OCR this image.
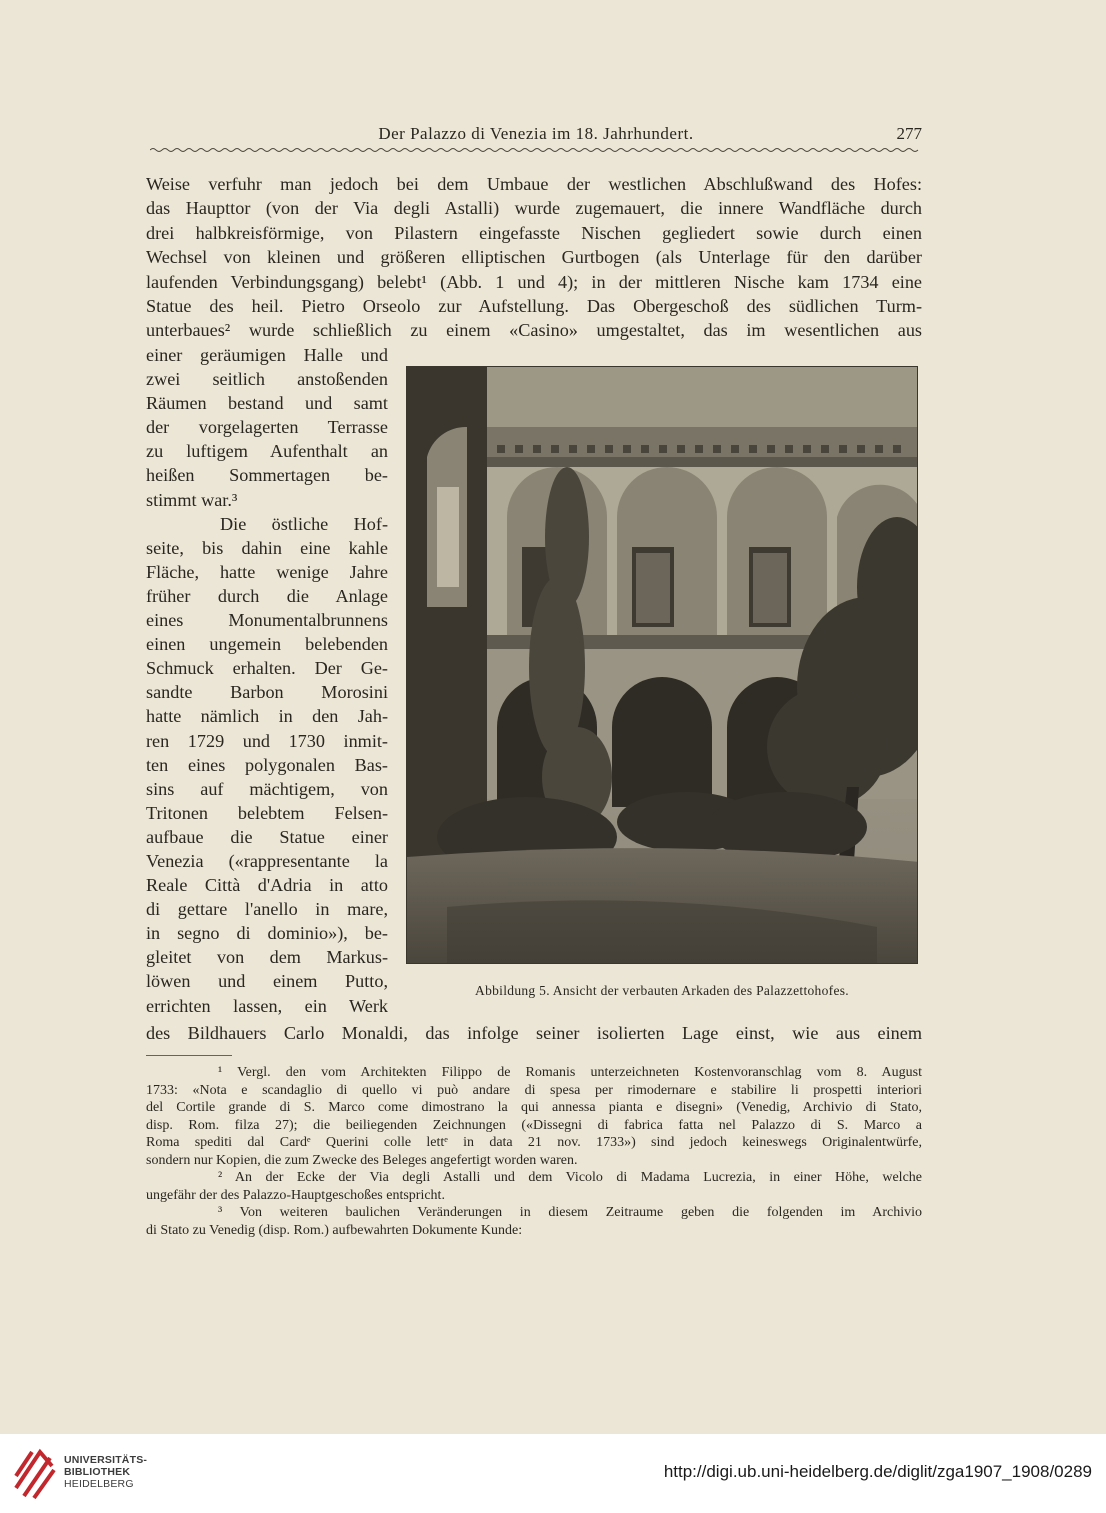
Der Palazzo di Venezia im 18. Jahrhundert.	277
Weise verfuhr man jedoch bei dem Umbaue der westlichen Abschlußwand des Hofes:
das Haupttor (von der Via degli Astalli) wurde zugemauert, die innere Wandfläche durch
drei halbkreisförmige, von Pilastern eingefasste Nischen gegliedert sowie durch einen
Wechsel von kleinen und größeren elliptischen Gurtbogen (als Unterlage für den darüber
laufenden Verbindungsgang) belebt¹ (Abb. 1 und 4); in der mittleren Nische kam 1734 eine
Statue des heil. Pietro Orseolo zur Aufstellung. Das Obergeschoß des südlichen Turm-
unterbaues² wurde schließlich zu einem «Casino» umgestaltet, das im wesentlichen aus
einer geräumigen Halle und
zwei seitlich anstoßenden
Räumen bestand und samt
der vorgelagerten Terrasse
zu luftigem Aufenthalt an
heißen Sommertagen be-
stimmt war.³
Die östliche Hof-
seite, bis dahin eine kahle
Fläche, hatte wenige Jahre
früher durch die Anlage
eines Monumentalbrunnens
einen ungemein belebenden
Schmuck erhalten. Der Ge-
sandte Barbon Morosini
hatte nämlich in den Jah-
ren 1729 und 1730 inmit-
ten eines polygonalen Bas-
sins auf mächtigem, von
Tritonen belebtem Felsen-
aufbaue die Statue einer
Venezia («rappresentante la
Reale Città d'Adria in atto
di gettare l'anello in mare,
in segno di dominio»), be-
gleitet von dem Markus-
löwen und einem Putto,
errichten lassen, ein Werk
des Bildhauers Carlo Monaldi, das infolge seiner isolierten Lage einst, wie aus einem
Abbildung 5. Ansicht der verbauten Arkaden des Palazzettohofes.
¹ Vergl. den vom Architekten Filippo de Romanis unterzeichneten Kostenvoranschlag vom 8. August
1733: «Nota e scandaglio di quello vi può andare di spesa per rimodernare e stabilire li prospetti interiori
del Cortile grande di S. Marco come dimostrano la qui annessa pianta e disegni» (Venedig, Archivio di Stato,
disp. Rom. filza 27); die beiliegenden Zeichnungen («Dissegni di fabrica fatta nel Palazzo di S. Marco a
Roma spediti dal Cardᵉ Querini colle lettᵉ in data 21 nov. 1733») sind jedoch keineswegs Originalentwürfe,
sondern nur Kopien, die zum Zwecke des Beleges angefertigt worden waren.
² An der Ecke der Via degli Astalli und dem Vicolo di Madama Lucrezia, in einer Höhe, welche
ungefähr der des Palazzo-Hauptgeschoßes entspricht.
³ Von weiteren baulichen Veränderungen in diesem Zeitraume geben die folgenden im Archivio
di Stato zu Venedig (disp. Rom.) aufbewahrten Dokumente Kunde:
UNIVERSITÄTS-
BIBLIOTHEK
HEIDELBERG
http://digi.ub.uni-heidelberg.de/diglit/zga1907_1908/0289
